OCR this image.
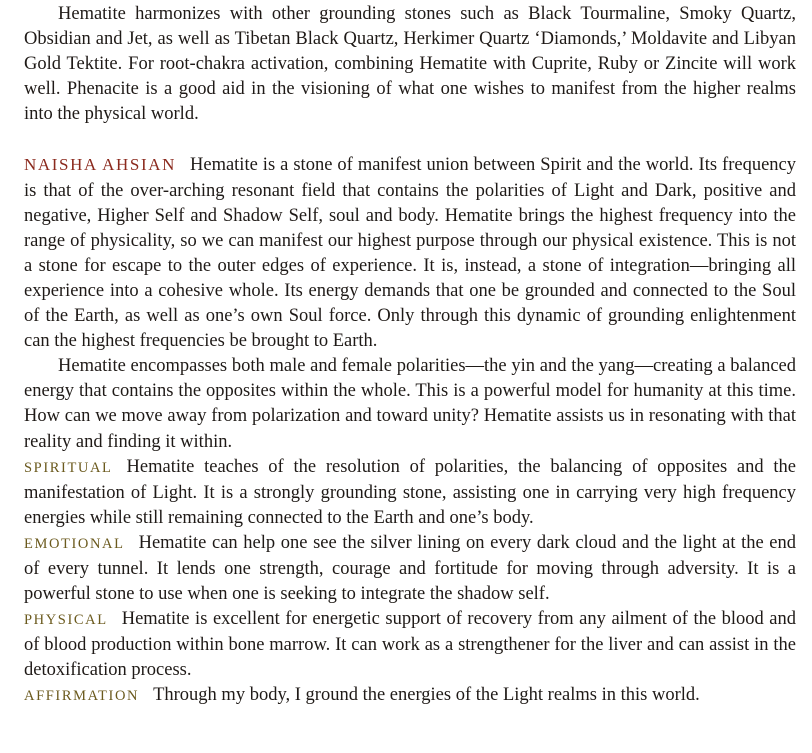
Hematite harmonizes with other grounding stones such as Black Tourmaline, Smoky Quartz, Obsidian and Jet, as well as Tibetan Black Quartz, Herkimer Quartz ‘Diamonds,’ Moldavite and Libyan Gold Tektite. For root-chakra activation, combining Hematite with Cuprite, Ruby or Zincite will work well. Phenacite is a good aid in the visioning of what one wishes to manifest from the higher realms into the physical world.

NAISHA AHSIAN Hematite is a stone of manifest union between Spirit and the world. Its frequency is that of the over-arching resonant field that contains the polarities of Light and Dark, positive and negative, Higher Self and Shadow Self, soul and body. Hematite brings the highest frequency into the range of physicality, so we can manifest our highest purpose through our physical existence. This is not a stone for escape to the outer edges of experience. It is, instead, a stone of integration—bringing all experience into a cohesive whole. Its energy demands that one be grounded and connected to the Soul of the Earth, as well as one’s own Soul force. Only through this dynamic of grounding enlightenment can the highest frequencies be brought to Earth.

Hematite encompasses both male and female polarities—the yin and the yang—creating a balanced energy that contains the opposites within the whole. This is a powerful model for humanity at this time. How can we move away from polarization and toward unity? Hematite assists us in resonating with that reality and finding it within.

SPIRITUAL Hematite teaches of the resolution of polarities, the balancing of opposites and the manifestation of Light. It is a strongly grounding stone, assisting one in carrying very high frequency energies while still remaining connected to the Earth and one’s body.

EMOTIONAL Hematite can help one see the silver lining on every dark cloud and the light at the end of every tunnel. It lends one strength, courage and fortitude for moving through adversity. It is a powerful stone to use when one is seeking to integrate the shadow self.

PHYSICAL Hematite is excellent for energetic support of recovery from any ailment of the blood and of blood production within bone marrow. It can work as a strengthener for the liver and can assist in the detoxification process.

AFFIRMATION Through my body, I ground the energies of the Light realms in this world.
